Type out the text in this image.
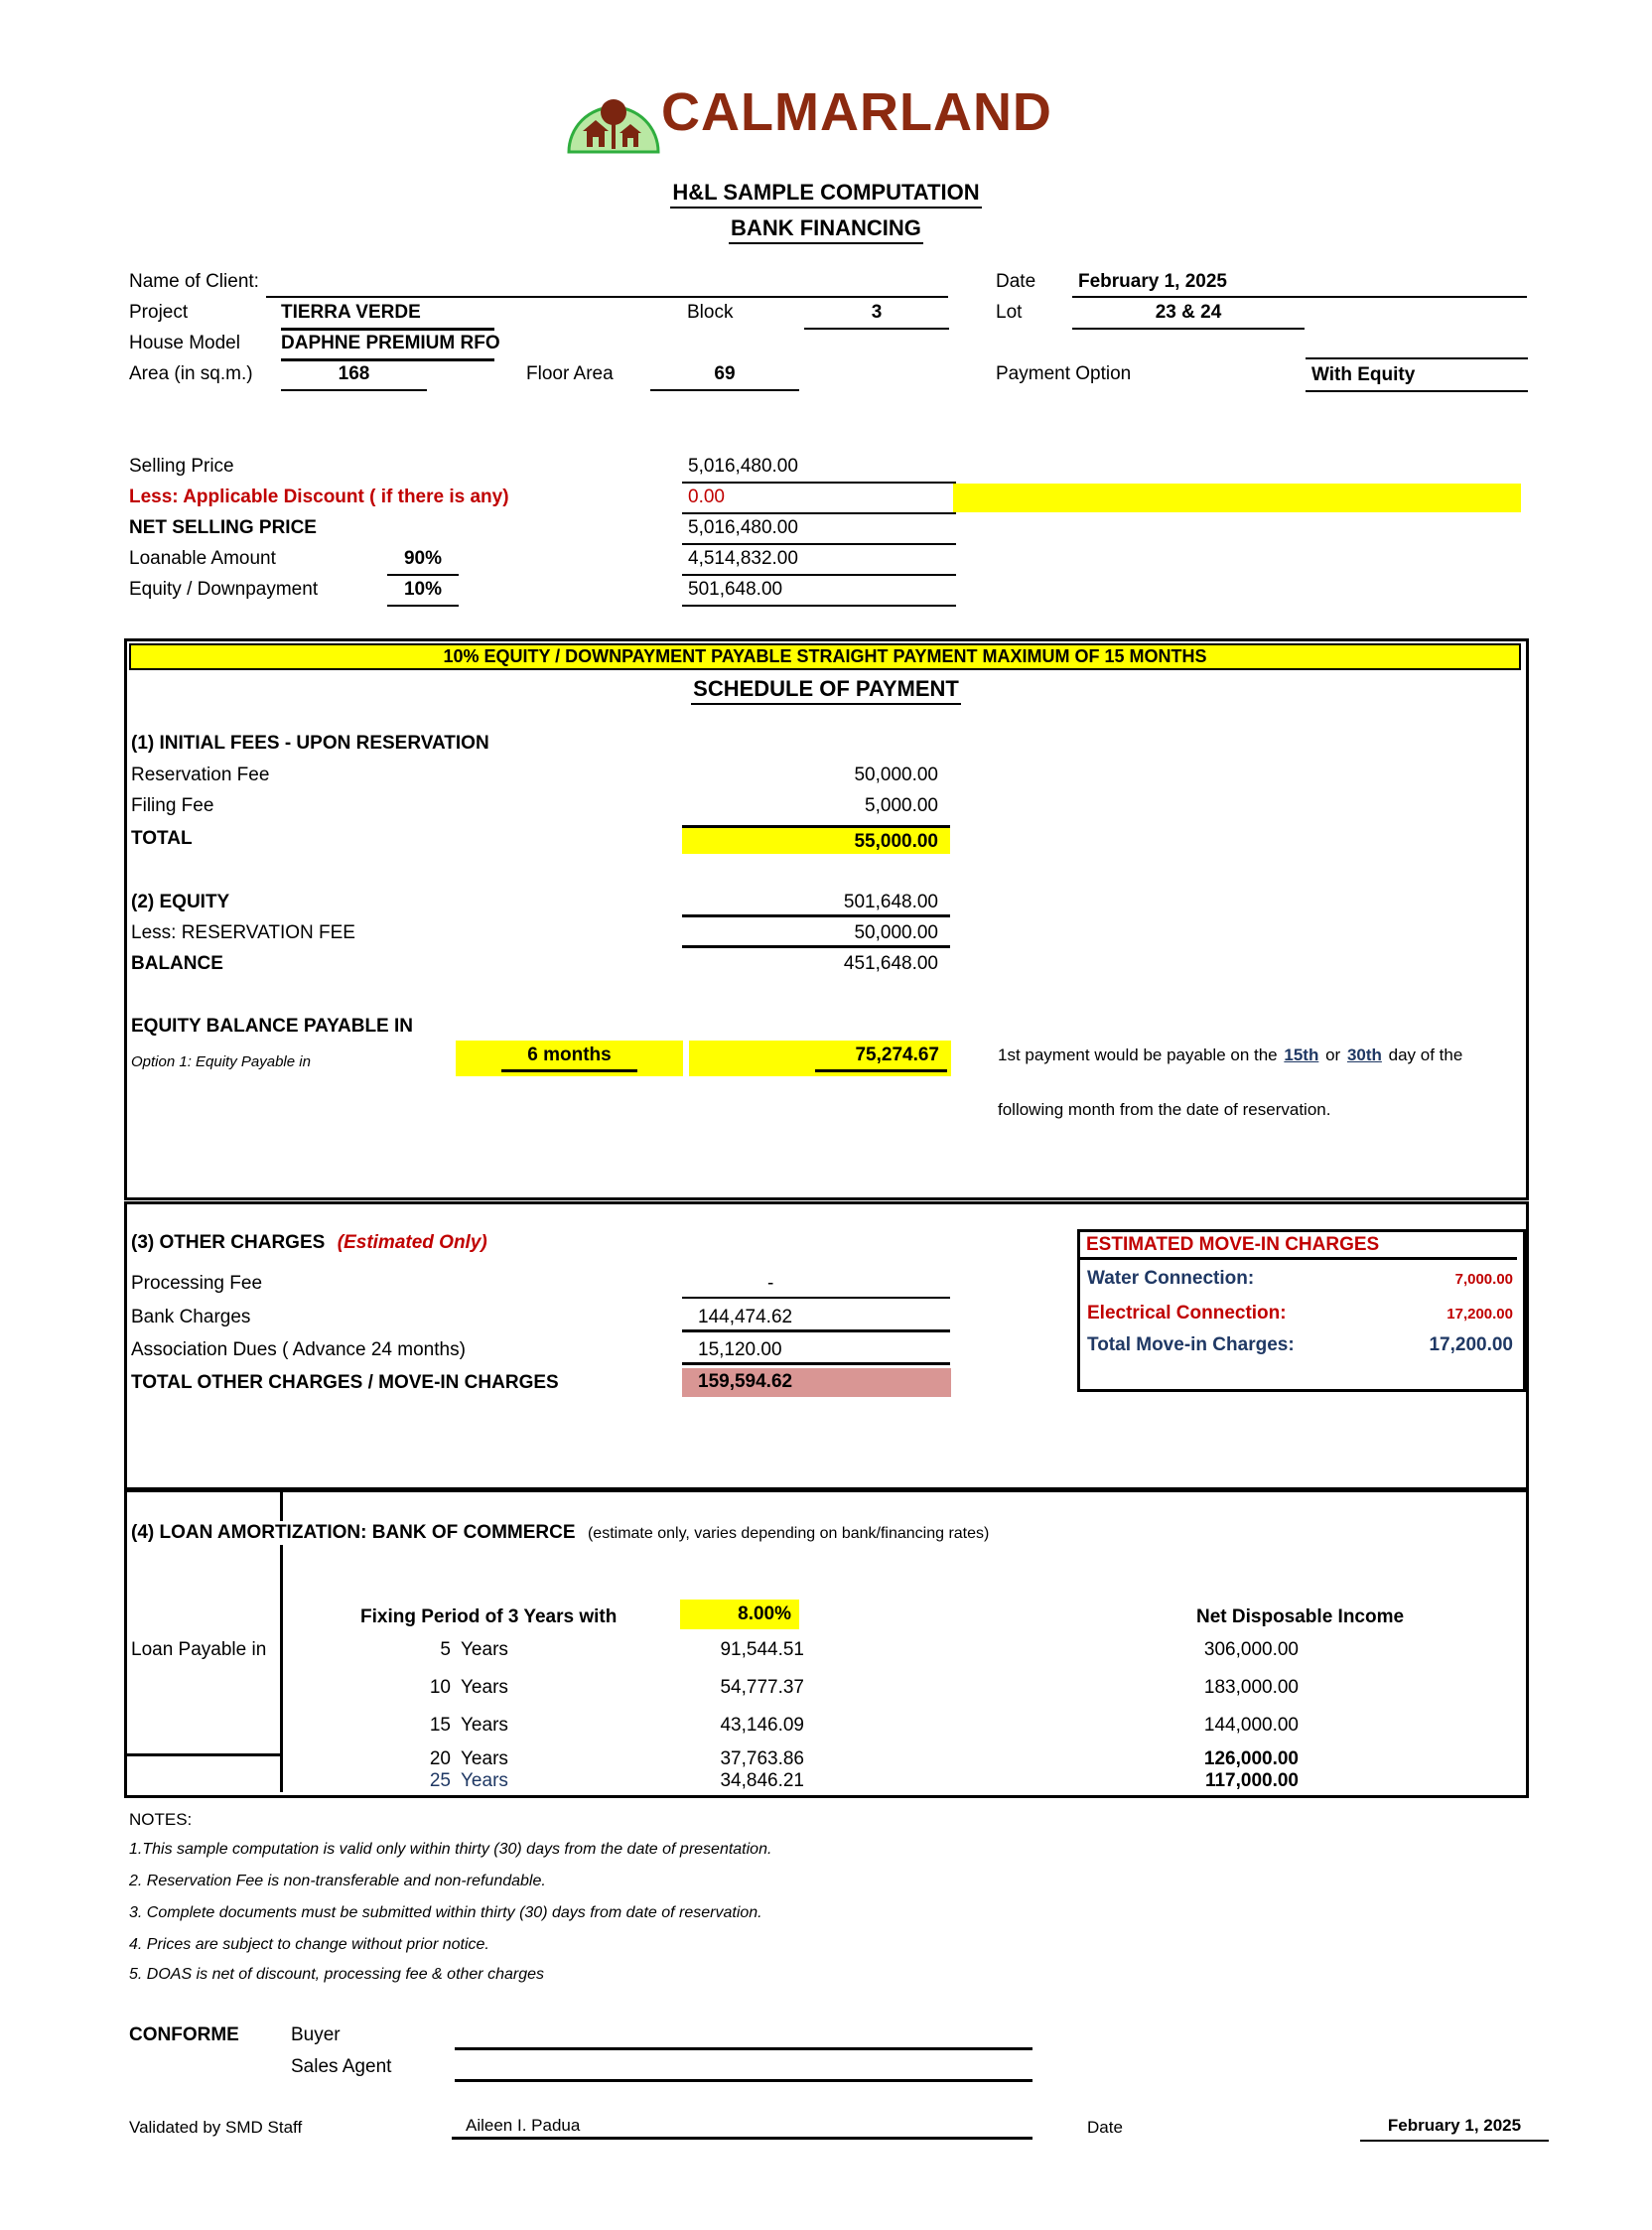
CALMARLAND
H&L SAMPLE COMPUTATION
BANK FINANCING
Name of Client:	Date	February 1, 2025
Project	TIERRA VERDE	Block	3	Lot	23 & 24
House Model DAPHNE PREMIUM RFO
Area (in sq.m.)	168	Floor Area	69	Payment Option	With Equity
Selling Price	5,016,480.00
Less: Applicable Discount ( if there is any)	0.00
NET SELLING PRICE	5,016,480.00
Loanable Amount	90%	4,514,832.00
Equity / Downpayment	10%	501,648.00
10% EQUITY / DOWNPAYMENT PAYABLE STRAIGHT PAYMENT MAXIMUM OF 15 MONTHS
SCHEDULE OF PAYMENT
(1) INITIAL FEES - UPON RESERVATION
Reservation Fee	50,000.00
Filing Fee	5,000.00
TOTAL	55,000.00
(2) EQUITY	501,648.00
Less: RESERVATION FEE	50,000.00
BALANCE	451,648.00
EQUITY BALANCE PAYABLE IN
Option 1: Equity Payable in	6 months	75,274.67	1st payment would be payable on the 15th or 30th day of the
following month from the date of reservation.
(3) OTHER CHARGES (Estimated Only)
Processing Fee	-
Bank Charges	144,474.62
Association Dues ( Advance 24 months)	15,120.00
TOTAL OTHER CHARGES / MOVE-IN CHARGES	159,594.62
ESTIMATED MOVE-IN CHARGES
Water Connection:	7,000.00
Electrical Connection:	17,200.00
Total Move-in Charges:	17,200.00
(4) LOAN AMORTIZATION: BANK OF COMMERCE (estimate only, varies depending on bank/financing rates)
Fixing Period of 3 Years with	8.00%	Net Disposable Income
Loan Payable in	5 Years	91,544.51	306,000.00
10 Years	54,777.37	183,000.00
15 Years	43,146.09	144,000.00
20 Years	37,763.86	126,000.00
25 Years	34,846.21	117,000.00
NOTES:
1.This sample computation is valid only within thirty (30) days from the date of presentation.
2. Reservation Fee is non-transferable and non-refundable.
3. Complete documents must be submitted within thirty (30) days from date of reservation.
4. Prices are subject to change without prior notice.
5. DOAS is net of discount, processing fee & other charges
CONFORME	Buyer
Sales Agent
Validated by SMD Staff	Aileen I. Padua	Date	February 1, 2025
